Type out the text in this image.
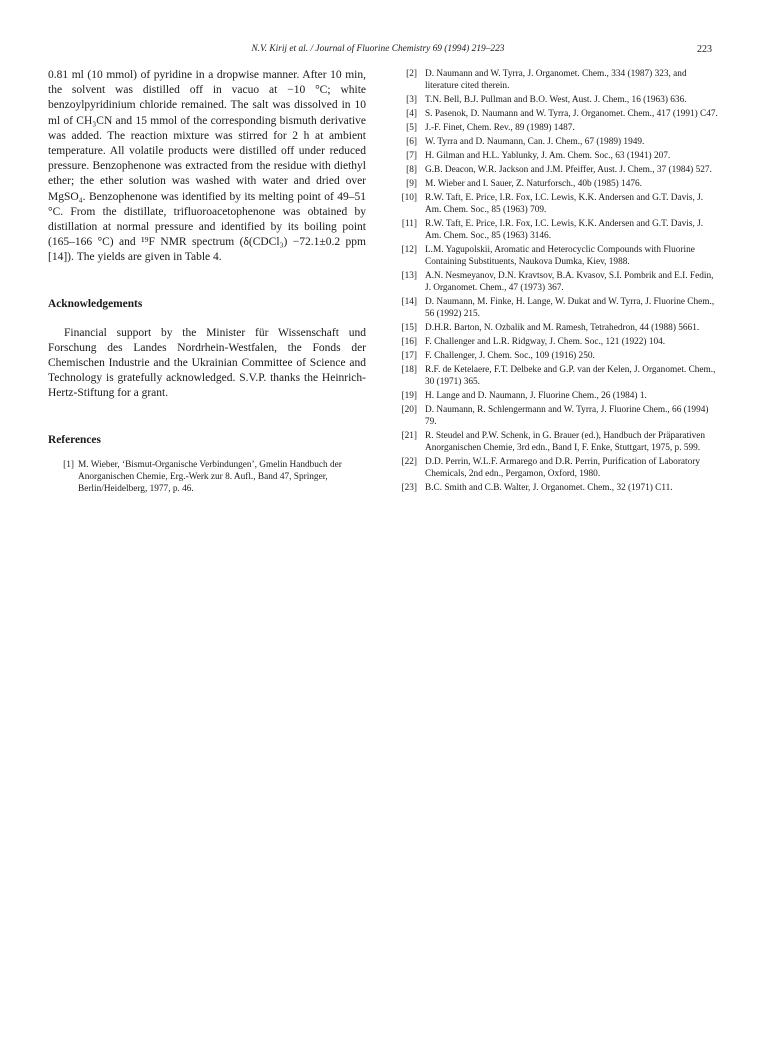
N.V. Kirij et al. / Journal of Fluorine Chemistry 69 (1994) 219–223	223

0.81 ml (10 mmol) of pyridine in a dropwise manner. After 10 min, the solvent was distilled off in vacuo at −10 °C; white benzoylpyridinium chloride remained. The salt was dissolved in 10 ml of CH₃CN and 15 mmol of the corresponding bismuth derivative was added. The reaction mixture was stirred for 2 h at ambient temperature. All volatile products were distilled off under reduced pressure. Benzophenone was extracted from the residue with diethyl ether; the ether solution was washed with water and dried over MgSO₄. Benzophenone was identified by its melting point of 49–51 °C. From the distillate, trifluoroacetophenone was obtained by distillation at normal pressure and identified by its boiling point (165–166 °C) and ¹⁹F NMR spectrum (δ(CDCl₃) −72.1±0.2 ppm [14]). The yields are given in Table 4.

Acknowledgements

Financial support by the Minister für Wissenschaft und Forschung des Landes Nordrhein-Westfalen, the Fonds der Chemischen Industrie and the Ukrainian Committee of Science and Technology is gratefully acknowledged. S.V.P. thanks the Heinrich-Hertz-Stiftung for a grant.

References
[1] M. Wieber, ‘Bismut-Organische Verbindungen’, Gmelin Handbuch der Anorganischen Chemie, Erg.-Werk zur 8. Aufl., Band 47, Springer, Berlin/Heidelberg, 1977, p. 46.
[2] D. Naumann and W. Tyrra, J. Organomet. Chem., 334 (1987) 323, and literature cited therein.
[3] T.N. Bell, B.J. Pullman and B.O. West, Aust. J. Chem., 16 (1963) 636.
[4] S. Pasenok, D. Naumann and W. Tyrra, J. Organomet. Chem., 417 (1991) C47.
[5] J.-F. Finet, Chem. Rev., 89 (1989) 1487.
[6] W. Tyrra and D. Naumann, Can. J. Chem., 67 (1989) 1949.
[7] H. Gilman and H.L. Yablunky, J. Am. Chem. Soc., 63 (1941) 207.
[8] G.B. Deacon, W.R. Jackson and J.M. Pfeiffer, Aust. J. Chem., 37 (1984) 527.
[9] M. Wieber and I. Sauer, Z. Naturforsch., 40b (1985) 1476.
[10] R.W. Taft, E. Price, I.R. Fox, I.C. Lewis, K.K. Andersen and G.T. Davis, J. Am. Chem. Soc., 85 (1963) 709.
[11] R.W. Taft, E. Price, I.R. Fox, I.C. Lewis, K.K. Andersen and G.T. Davis, J. Am. Chem. Soc., 85 (1963) 3146.
[12] L.M. Yagupolskii, Aromatic and Heterocyclic Compounds with Fluorine Containing Substituents, Naukova Dumka, Kiev, 1988.
[13] A.N. Nesmeyanov, D.N. Kravtsov, B.A. Kvasov, S.I. Pombrik and E.I. Fedin, J. Organomet. Chem., 47 (1973) 367.
[14] D. Naumann, M. Finke, H. Lange, W. Dukat and W. Tyrra, J. Fluorine Chem., 56 (1992) 215.
[15] D.H.R. Barton, N. Ozbalik and M. Ramesh, Tetrahedron, 44 (1988) 5661.
[16] F. Challenger and L.R. Ridgway, J. Chem. Soc., 121 (1922) 104.
[17] F. Challenger, J. Chem. Soc., 109 (1916) 250.
[18] R.F. de Ketelaere, F.T. Delbeke and G.P. van der Kelen, J. Organomet. Chem., 30 (1971) 365.
[19] H. Lange and D. Naumann, J. Fluorine Chem., 26 (1984) 1.
[20] D. Naumann, R. Schlengermann and W. Tyrra, J. Fluorine Chem., 66 (1994) 79.
[21] R. Steudel and P.W. Schenk, in G. Brauer (ed.), Handbuch der Präparativen Anorganischen Chemie, 3rd edn., Band I, F. Enke, Stuttgart, 1975, p. 599.
[22] D.D. Perrin, W.L.F. Armarego and D.R. Perrin, Purification of Laboratory Chemicals, 2nd edn., Pergamon, Oxford, 1980.
[23] B.C. Smith and C.B. Walter, J. Organomet. Chem., 32 (1971) C11.
